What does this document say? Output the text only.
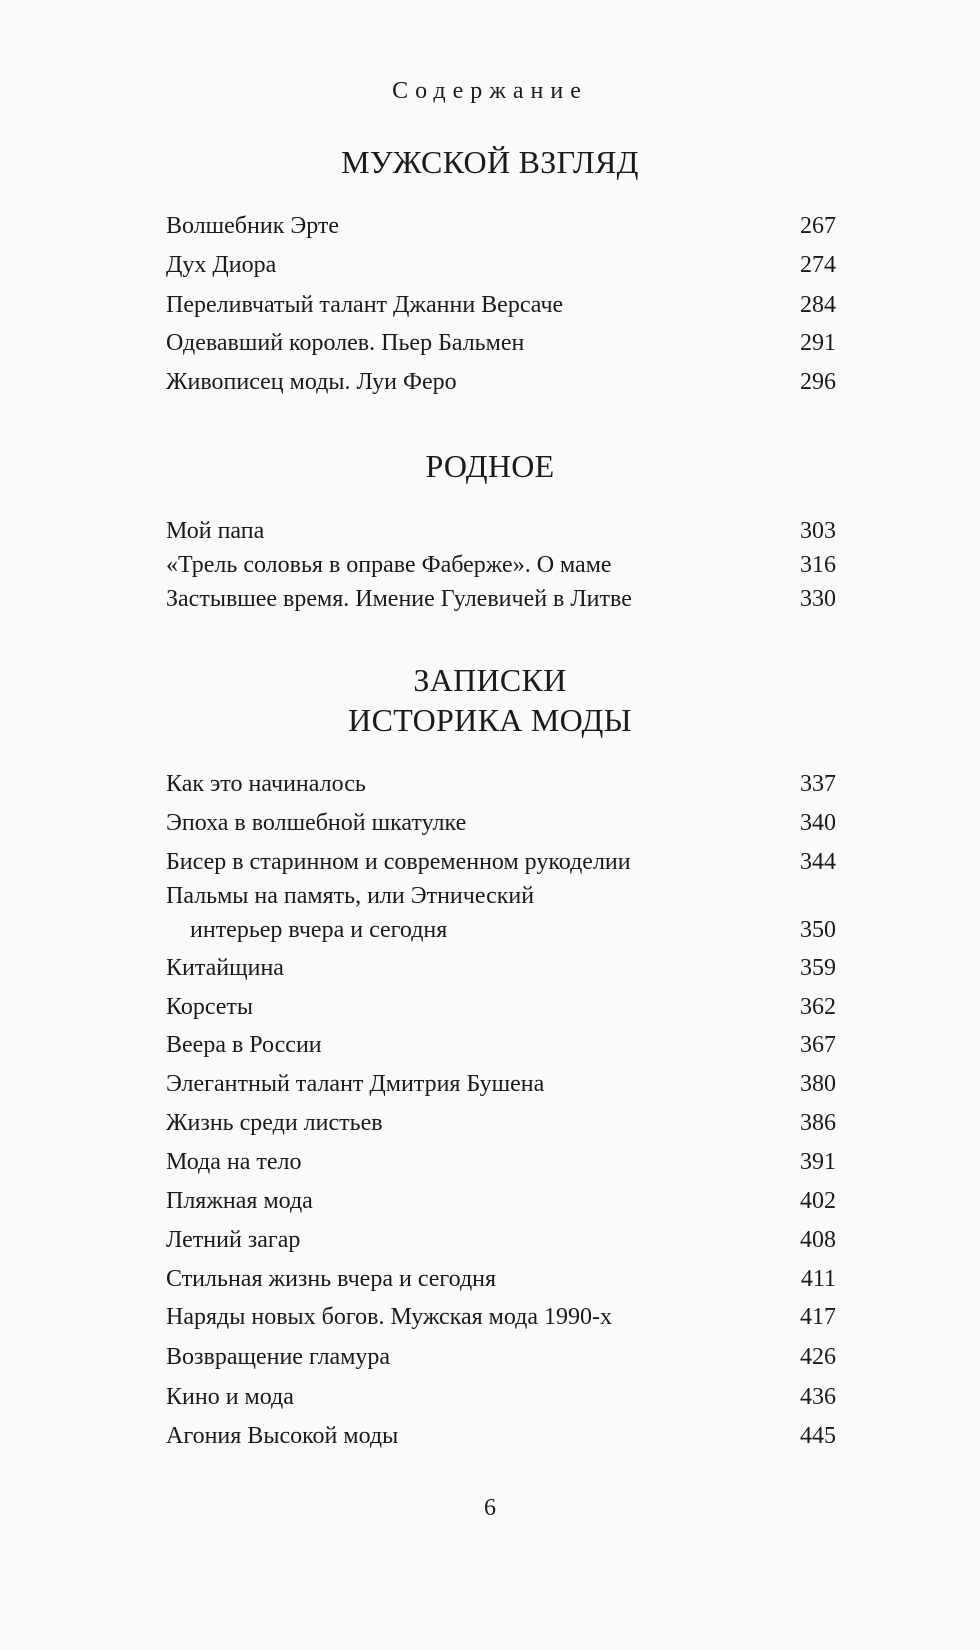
Содержание
МУЖСКОЙ ВЗГЛЯД
Волшебник Эрте	267
Дух Диора	274
Переливчатый талант Джанни Версаче	284
Одевавший королев. Пьер Бальмен	291
Живописец моды. Луи Феро	296
РОДНОЕ
Мой папа	303
«Трель соловья в оправе Фаберже». О маме	316
Застывшее время. Имение Гулевичей в Литве	330
ЗАПИСКИ
ИСТОРИКА МОДЫ
Как это начиналось	337
Эпоха в волшебной шкатулке	340
Бисер в старинном и современном рукоделии	344
Пальмы на память, или Этнический
интерьер вчера и сегодня	350
Китайщина	359
Корсеты	362
Веера в России	367
Элегантный талант Дмитрия Бушена	380
Жизнь среди листьев	386
Мода на тело	391
Пляжная мода	402
Летний загар	408
Стильная жизнь вчера и сегодня	411
Наряды новых богов. Мужская мода 1990-х	417
Возвращение гламура	426
Кино и мода	436
Агония Высокой моды	445
6
